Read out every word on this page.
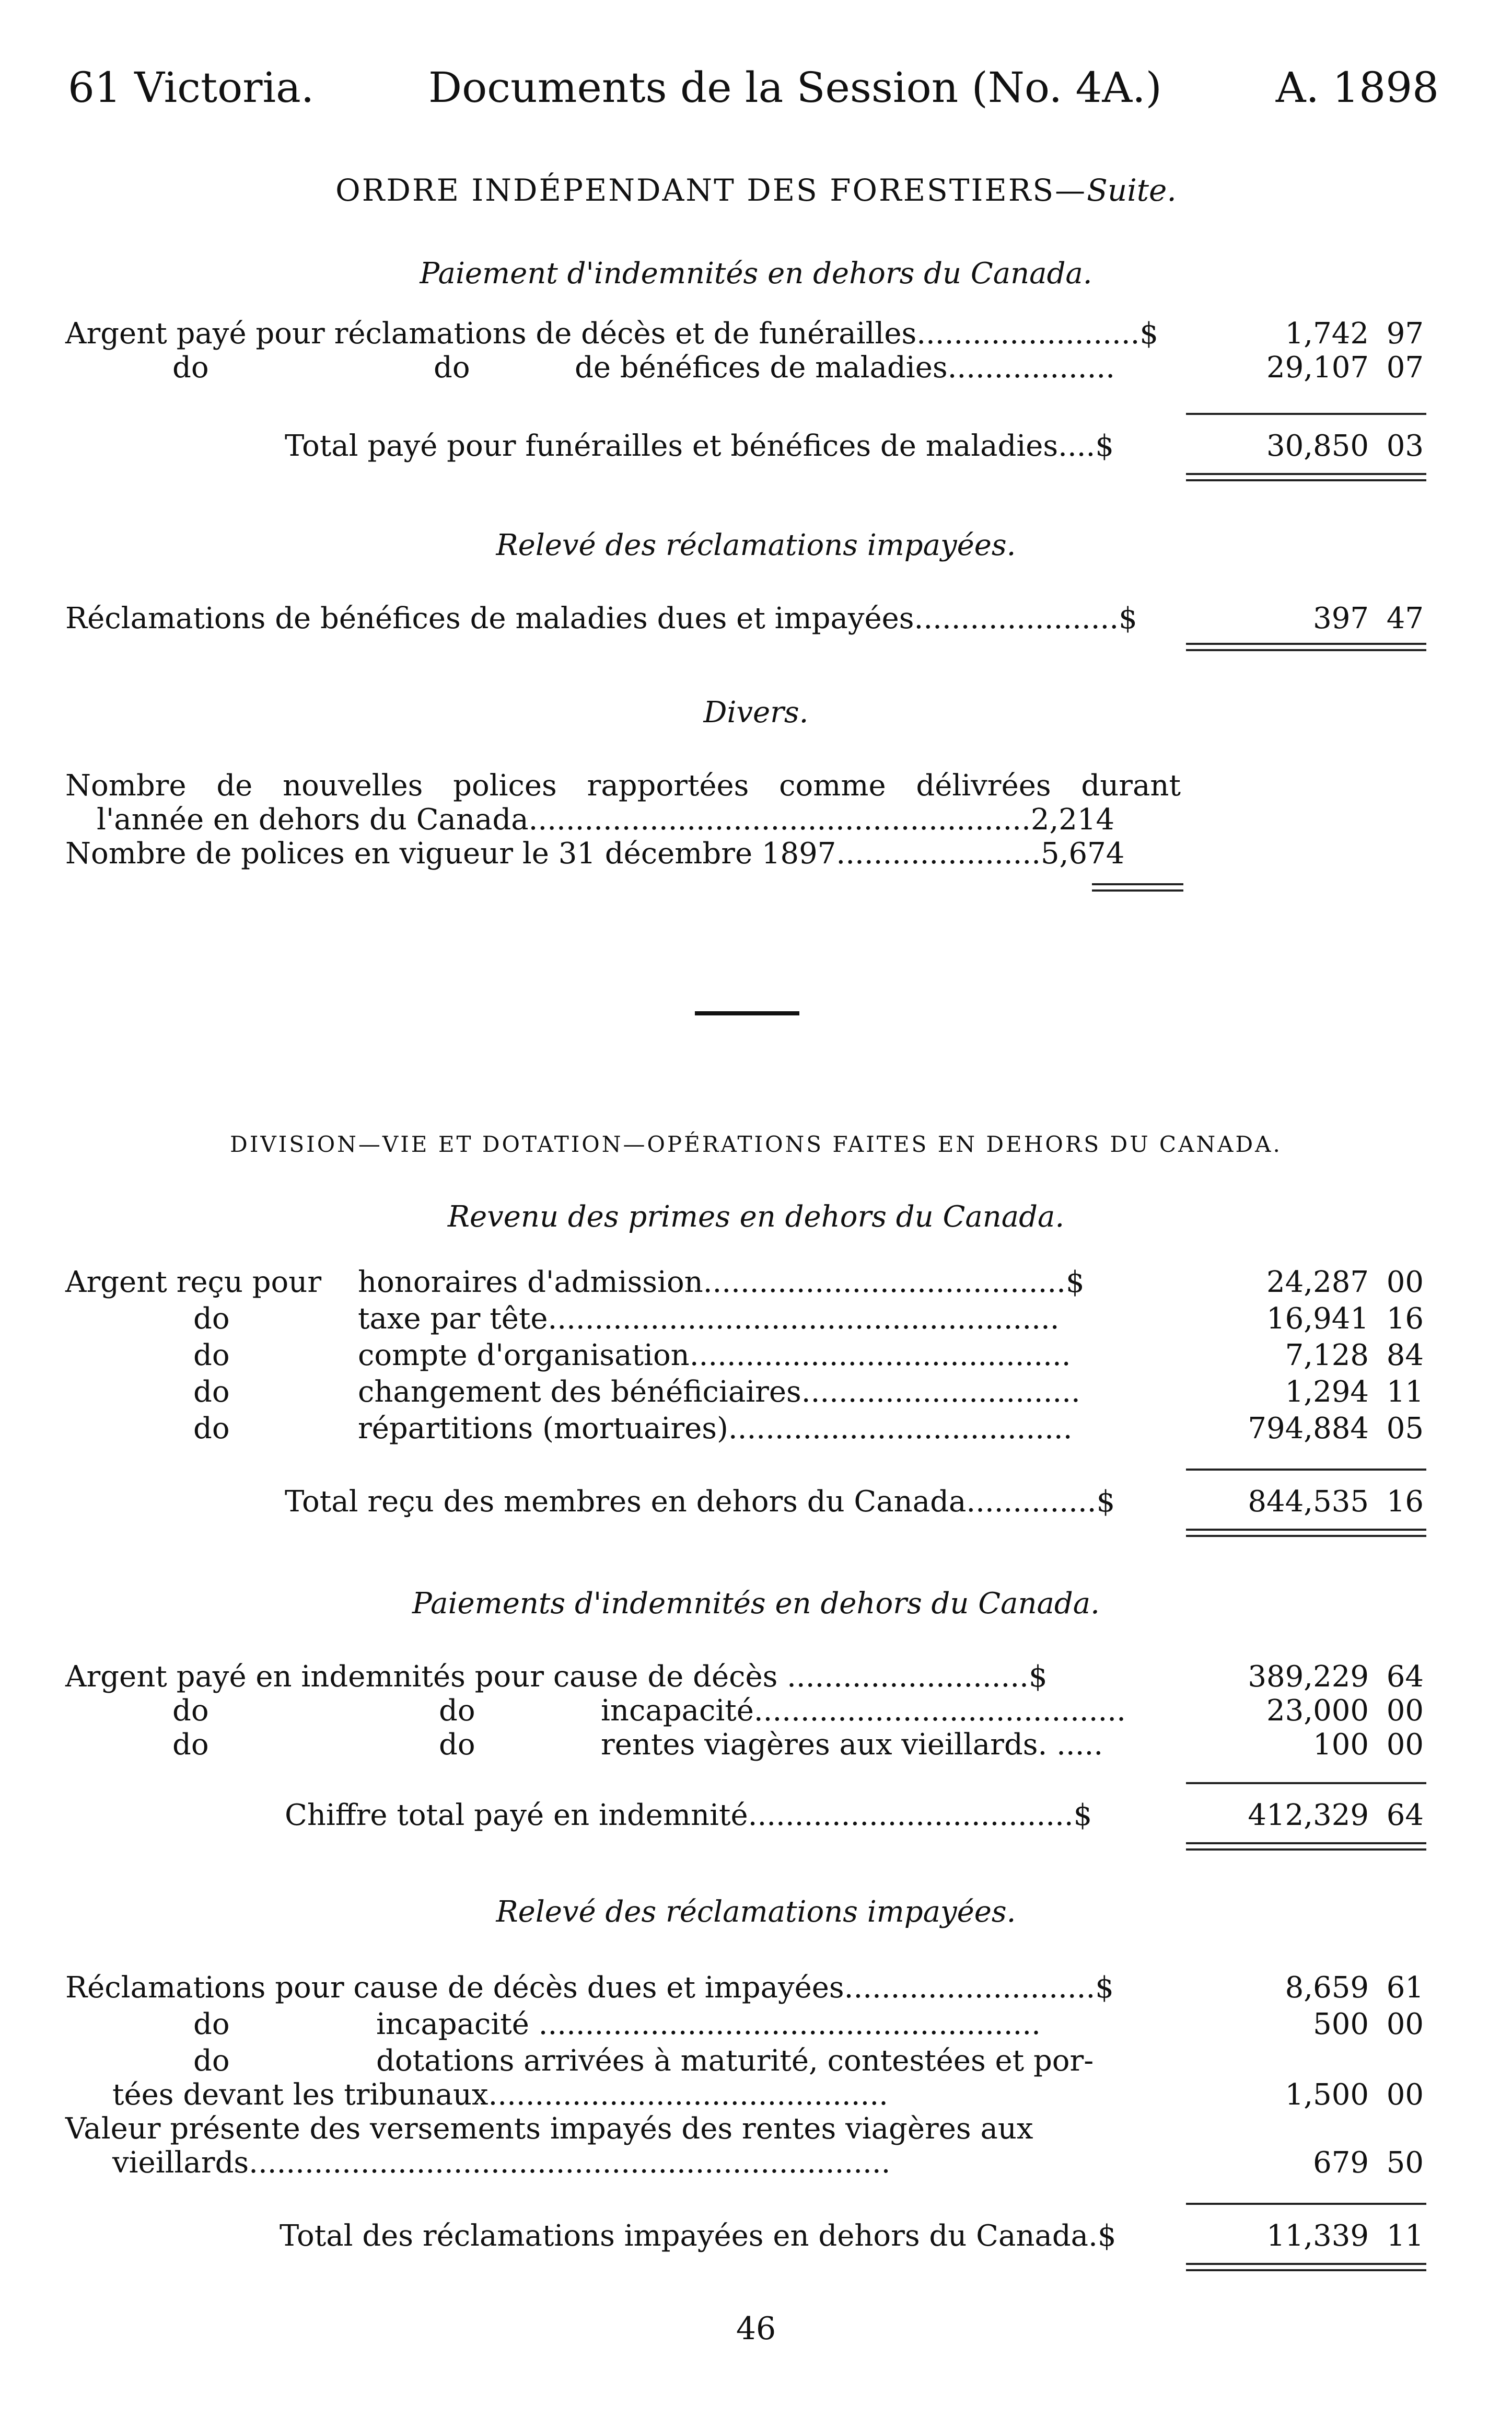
61 Victoria.	Documents de la Session (No. 4A.)	A. 1898
ORDRE INDÉPENDANT DES FORESTIERS—Suite.
Paiement d'indemnités en dehors du Canada.
Argent payé pour réclamations de décès et de funérailles........................$	1,742 97
do	do	de bénéfices de maladies..................	29,107 07
Total payé pour funérailles et bénéfices de maladies....$	30,850 03
Relevé des réclamations impayées.
Réclamations de bénéfices de maladies dues et impayées......................$	397 47
Divers.
Nombre de nouvelles polices rapportées comme délivrées durant
l'année en dehors du Canada......................................................2,214
Nombre de polices en vigueur le 31 décembre 1897......................5,674
DIVISION—VIE ET DOTATION—OPÉRATIONS FAITES EN DEHORS DU CANADA.
Revenu des primes en dehors du Canada.
Argent reçu pour honoraires d'admission.......................................$	24,287 00
do	taxe par tête.......................................................	16,941 16
do	compte d'organisation.........................................	7,128 84
do	changement des bénéficiaires..............................	1,294 11
do	répartitions (mortuaires).....................................	794,884 05
Total reçu des membres en dehors du Canada..............$	844,535 16
Paiements d'indemnités en dehors du Canada.
Argent payé en indemnités pour cause de décès ..........................$	389,229 64
do	do	incapacité........................................	23,000 00
do	do	rentes viagères aux vieillards. .....	100 00
Chiffre total payé en indemnité...................................$	412,329 64
Relevé des réclamations impayées.
Réclamations pour cause de décès dues et impayées...........................$	8,659 61
do	incapacité ......................................................	500 00
do	dotations arrivées à maturité, contestées et por-
tées devant les tribunaux...........................................	1,500 00
Valeur présente des versements impayés des rentes viagères aux
vieillards.....................................................................	679 50
Total des réclamations impayées en dehors du Canada.$	11,339 11
46
